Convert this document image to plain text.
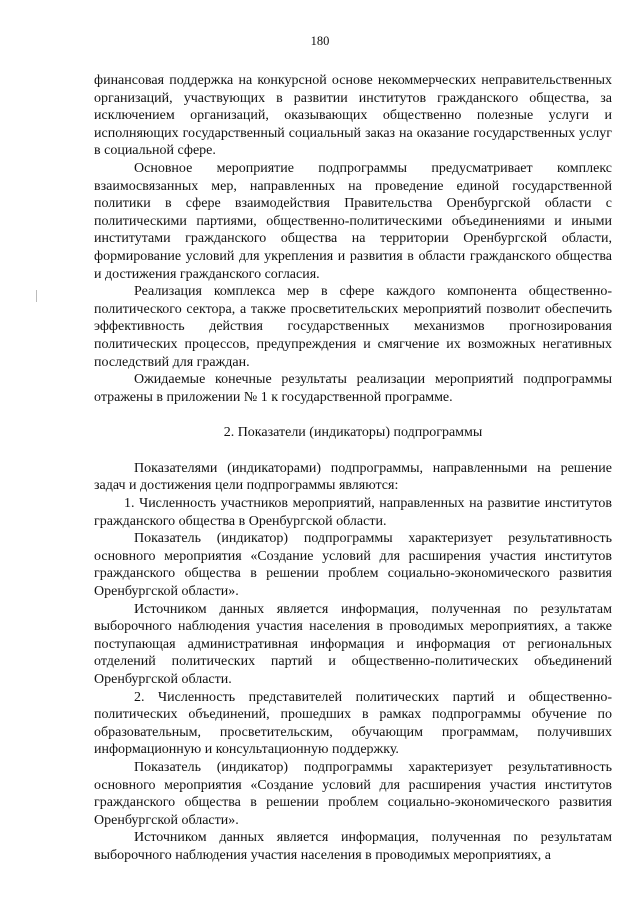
180

финансовая поддержка на конкурсной основе некоммерческих неправительственных организаций, участвующих в развитии институтов гражданского общества, за исключением организаций, оказывающих общественно полезные услуги и исполняющих государственный социальный заказ на оказание государственных услуг в социальной сфере.

Основное мероприятие подпрограммы предусматривает комплекс взаимосвязанных мер, направленных на проведение единой государственной политики в сфере взаимодействия Правительства Оренбургской области с политическими партиями, общественно-политическими объединениями и иными институтами гражданского общества на территории Оренбургской области, формирование условий для укрепления и развития в области гражданского общества и достижения гражданского согласия.

Реализация комплекса мер в сфере каждого компонента общественно-политического сектора, а также просветительских мероприятий позволит обеспечить эффективность действия государственных механизмов прогнозирования политических процессов, предупреждения и смягчение их возможных негативных последствий для граждан.

Ожидаемые конечные результаты реализации мероприятий подпрограммы отражены в приложении № 1 к государственной программе.

2. Показатели (индикаторы) подпрограммы

Показателями (индикаторами) подпрограммы, направленными на решение задач и достижения цели подпрограммы являются:

1. Численность участников мероприятий, направленных на развитие институтов гражданского общества в Оренбургской области.

Показатель (индикатор) подпрограммы характеризует результативность основного мероприятия «Создание условий для расширения участия институтов гражданского общества в решении проблем социально-экономического развития Оренбургской области».

Источником данных является информация, полученная по результатам выборочного наблюдения участия населения в проводимых мероприятиях, а также поступающая административная информация и информация от региональных отделений политических партий и общественно-политических объединений Оренбургской области.

2. Численность представителей политических партий и общественно-политических объединений, прошедших в рамках подпрограммы обучение по образовательным, просветительским, обучающим программам, получивших информационную и консультационную поддержку.

Показатель (индикатор) подпрограммы характеризует результативность основного мероприятия «Создание условий для расширения участия институтов гражданского общества в решении проблем социально-экономического развития Оренбургской области».

Источником данных является информация, полученная по результатам выборочного наблюдения участия населения в проводимых мероприятиях, а
